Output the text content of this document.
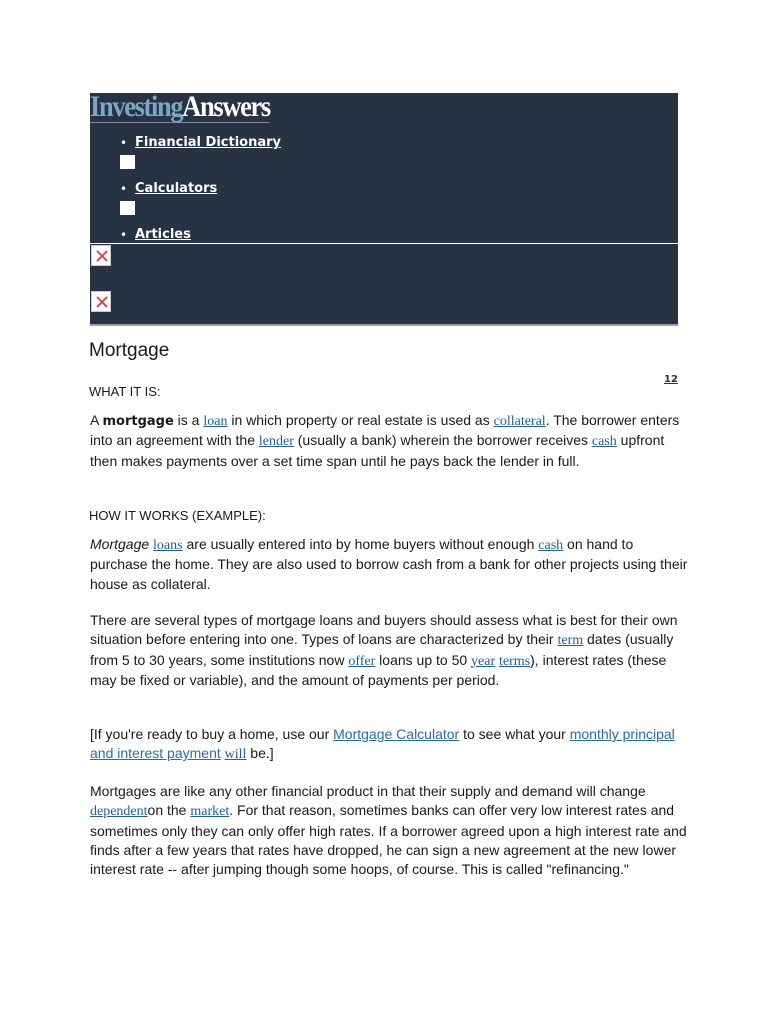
InvestingAnswers
• Financial Dictionary
• Calculators
• Articles
Mortgage
12
WHAT IT IS:
A mortgage is a loan in which property or real estate is used as collateral. The borrower enters into an agreement with the lender (usually a bank) wherein the borrower receives cash upfront then makes payments over a set time span until he pays back the lender in full.
HOW IT WORKS (EXAMPLE):
Mortgage loans are usually entered into by home buyers without enough cash on hand to purchase the home. They are also used to borrow cash from a bank for other projects using their house as collateral.
There are several types of mortgage loans and buyers should assess what is best for their own situation before entering into one. Types of loans are characterized by their term dates (usually from 5 to 30 years, some institutions now offer loans up to 50 year terms), interest rates (these may be fixed or variable), and the amount of payments per period.
[If you're ready to buy a home, use our Mortgage Calculator to see what your monthly principal and interest payment will be.]
Mortgages are like any other financial product in that their supply and demand will change dependenton the market. For that reason, sometimes banks can offer very low interest rates and sometimes only they can only offer high rates. If a borrower agreed upon a high interest rate and finds after a few years that rates have dropped, he can sign a new agreement at the new lower interest rate -- after jumping though some hoops, of course. This is called "refinancing."
